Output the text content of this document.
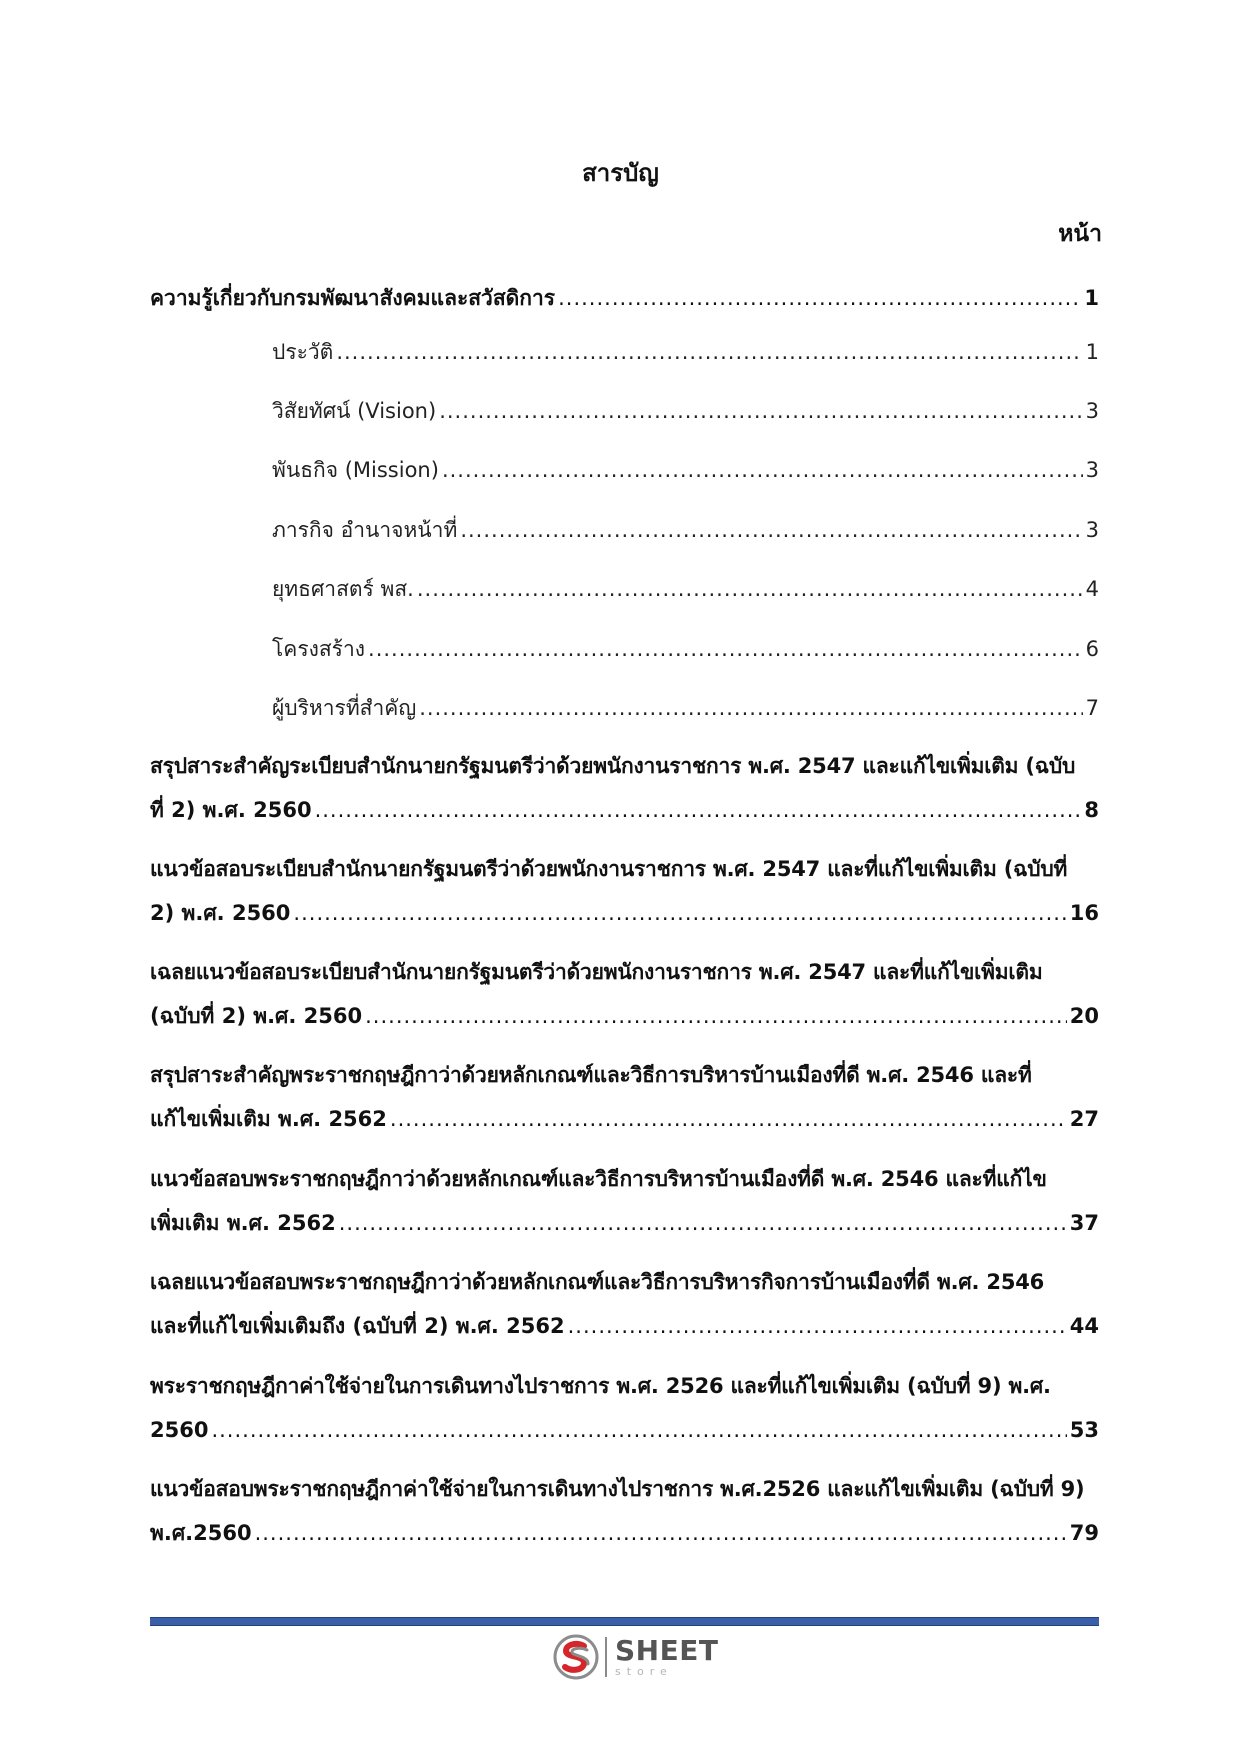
สารบัญ
หน้า
ความรู้เกี่ยวกับกรมพัฒนาสังคมและสวัสดิการ .....	1
ประวัติ .....	1
วิสัยทัศน์ (Vision) .....	3
พันธกิจ (Mission) .....	3
ภารกิจ อำนาจหน้าที่ .....	3
ยุทธศาสตร์ พส. .....	4
โครงสร้าง .....	6
ผู้บริหารที่สำคัญ .....	7
สรุปสาระสำคัญระเบียบสำนักนายกรัฐมนตรีว่าด้วยพนักงานราชการ พ.ศ. 2547 และแก้ไขเพิ่มเติม (ฉบับ
ที่ 2) พ.ศ. 2560 .....	8
แนวข้อสอบระเบียบสำนักนายกรัฐมนตรีว่าด้วยพนักงานราชการ พ.ศ. 2547 และที่แก้ไขเพิ่มเติม (ฉบับที่
2) พ.ศ. 2560 .....	16
เฉลยแนวข้อสอบระเบียบสำนักนายกรัฐมนตรีว่าด้วยพนักงานราชการ พ.ศ. 2547 และที่แก้ไขเพิ่มเติม
(ฉบับที่ 2) พ.ศ. 2560 .....	20
สรุปสาระสำคัญพระราชกฤษฎีกาว่าด้วยหลักเกณฑ์และวิธีการบริหารบ้านเมืองที่ดี พ.ศ. 2546 และที่
แก้ไขเพิ่มเติม พ.ศ. 2562 .....	27
แนวข้อสอบพระราชกฤษฎีกาว่าด้วยหลักเกณฑ์และวิธีการบริหารบ้านเมืองที่ดี พ.ศ. 2546 และที่แก้ไข
เพิ่มเติม พ.ศ. 2562 .....	37
เฉลยแนวข้อสอบพระราชกฤษฎีกาว่าด้วยหลักเกณฑ์และวิธีการบริหารกิจการบ้านเมืองที่ดี พ.ศ. 2546
และที่แก้ไขเพิ่มเติมถึง (ฉบับที่ 2) พ.ศ. 2562 .....	44
พระราชกฤษฎีกาค่าใช้จ่ายในการเดินทางไปราชการ พ.ศ. 2526 และที่แก้ไขเพิ่มเติม (ฉบับที่ 9) พ.ศ.
2560 .....	53
แนวข้อสอบพระราชกฤษฎีกาค่าใช้จ่ายในการเดินทางไปราชการ พ.ศ.2526 และแก้ไขเพิ่มเติม (ฉบับที่ 9)
พ.ศ.2560 .....	79
SHEET
store
